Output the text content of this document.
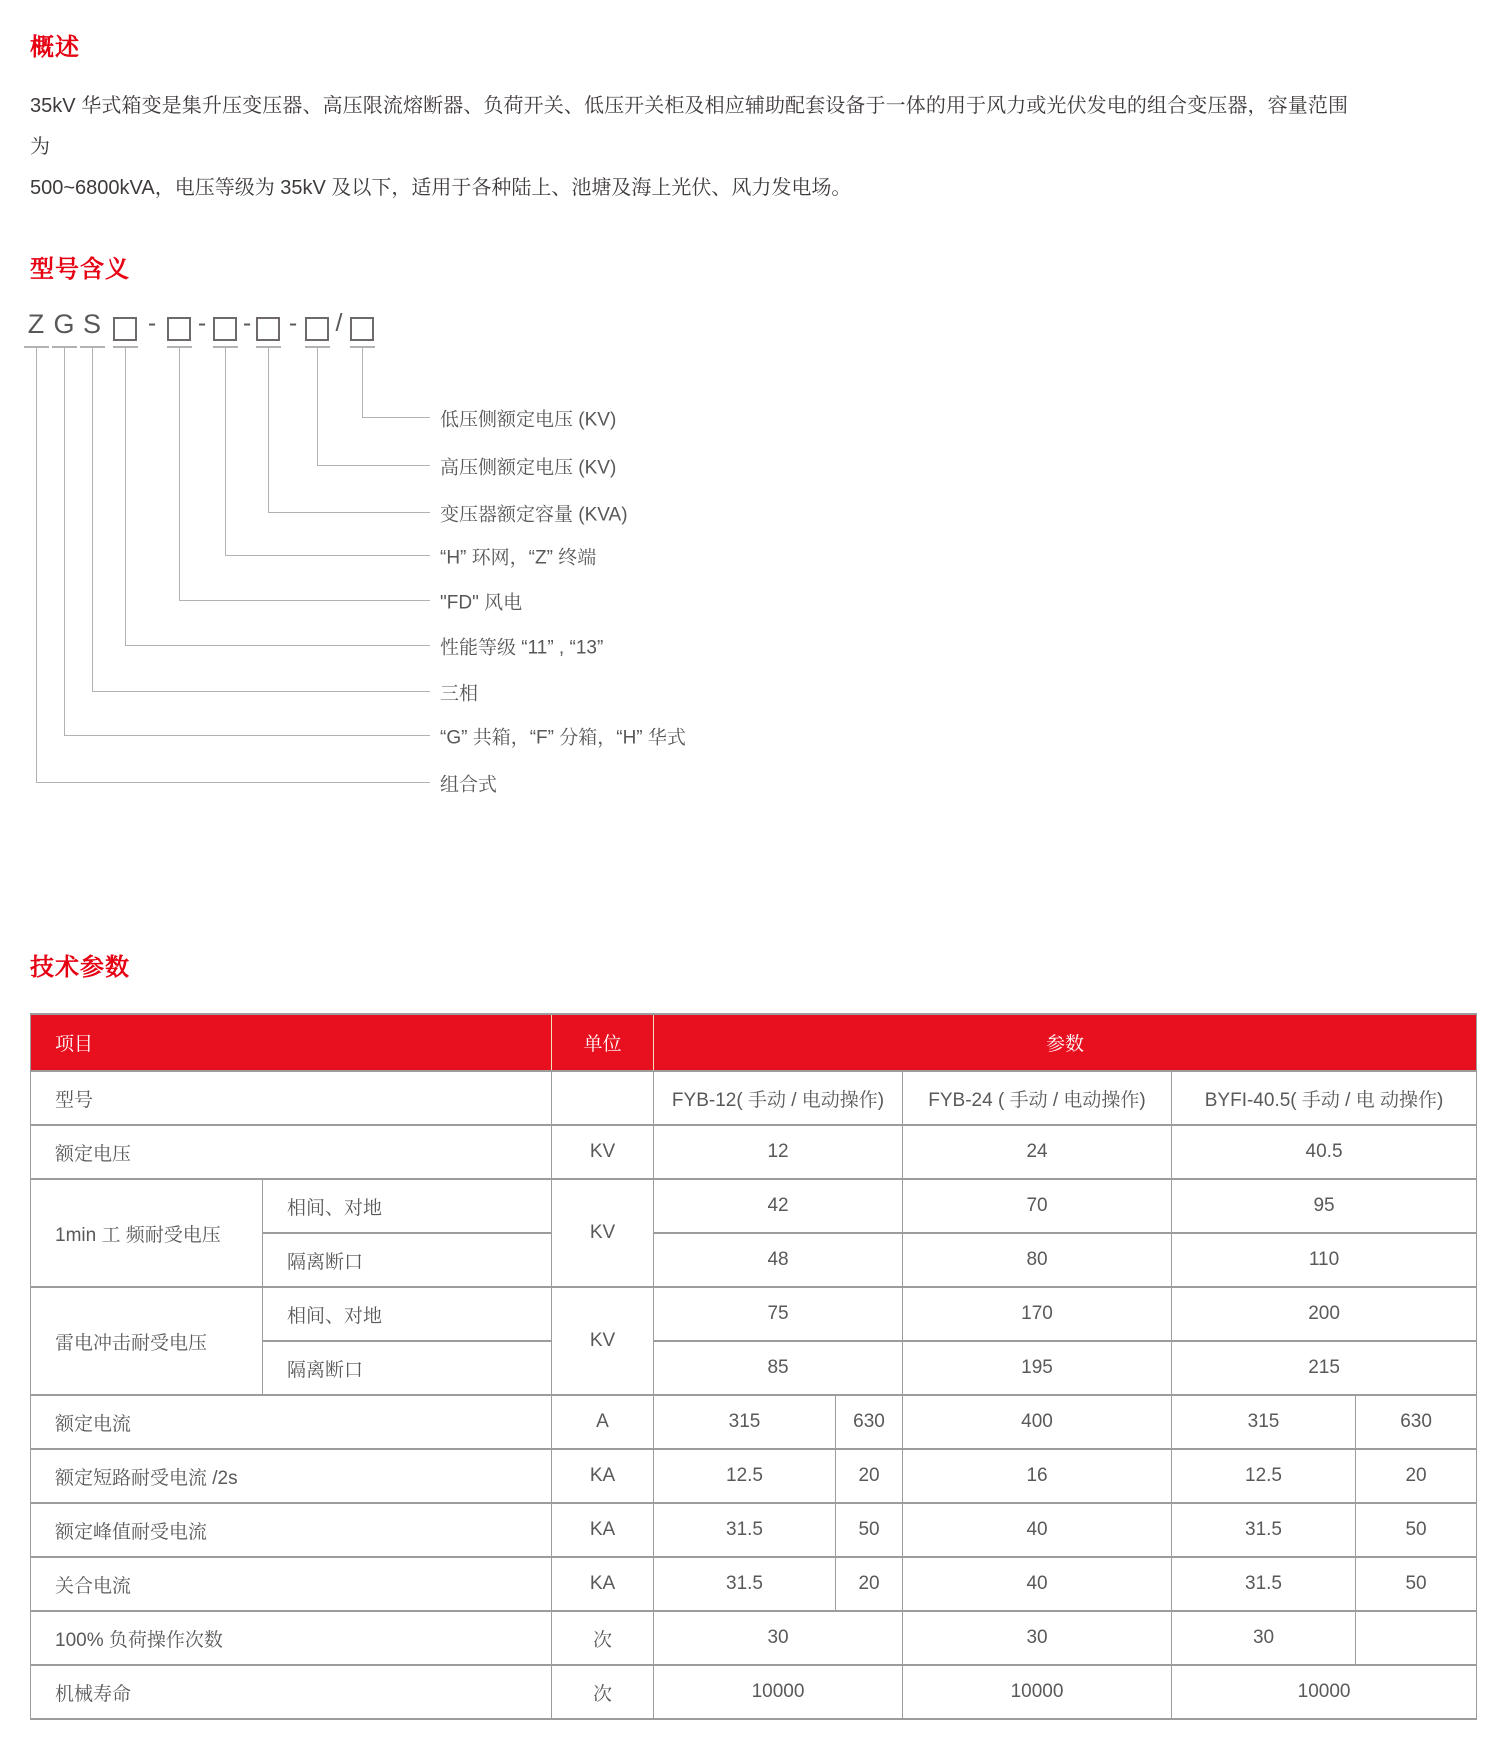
概述
35kV 华式箱变是集升压变压器、高压限流熔断器、负荷开关、低压开关柜及相应辅助配套设备于一体的用于风力或光伏发电的组合变压器，容量范围为
500~6800kVA，电压等级为 35kV 及以下，适用于各种陆上、池塘及海上光伏、风力发电场。
型号含义
Z G S - - - - /
低压侧额定电压 (KV)
高压侧额定电压 (KV)
变压器额定容量 (KVA)
“H” 环网，“Z” 终端
"FD" 风电
性能等级 “11” , “13”
三相
“G” 共箱，“F” 分箱，“H” 华式
组合式
技术参数
项目		单位	参数				
型号			FYB-12( 手动 / 电动操作)		FYB-24 ( 手动 / 电动操作)	BYFI-40.5( 手动 / 电 动操作)	
额定电压		KV	12		24	40.5	
1min 工 频耐受电压	相间、对地	KV	42		70	95	
	隔离断口		48		80	110	
雷电冲击耐受电压	相间、对地	KV	75		170	200	
	隔离断口		85		195	215	
额定电流		A	315	630	400	315	630
额定短路耐受电流 /2s		KA	12.5	20	16	12.5	20
额定峰值耐受电流		KA	31.5	50	40	31.5	50
关合电流		KA	31.5	20	40	31.5	50
100% 负荷操作次数		次	30		30	30	
机械寿命		次	10000		10000	10000	
